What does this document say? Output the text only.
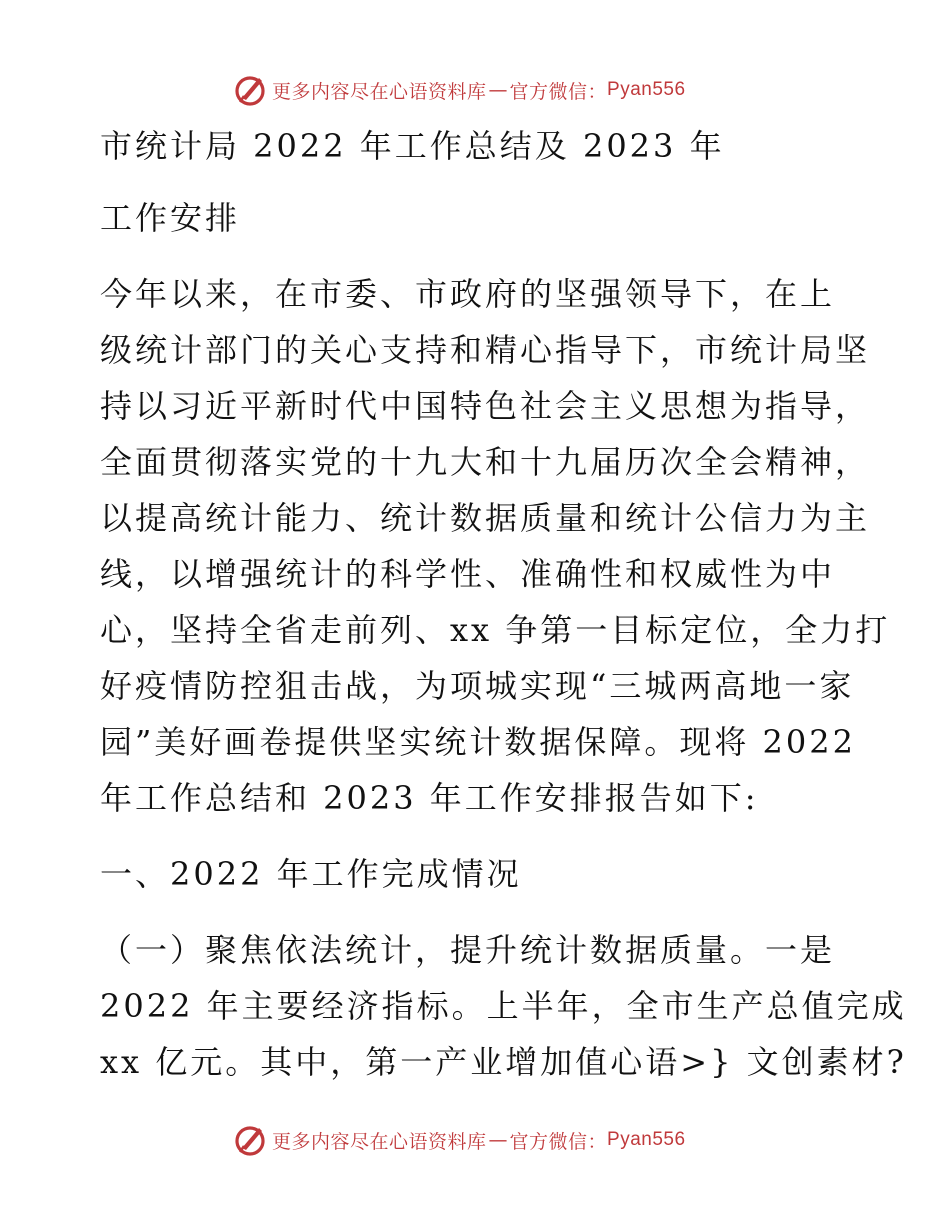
更多内容尽在心语资料库 — 官方微信： Pyan556
市统计局 2022 年工作总结及 2023 年
工作安排
今年以来，在市委、市政府的坚强领导下，在上
级统计部门的关心支持和精心指导下，市统计局坚
持以习近平新时代中国特色社会主义思想为指导，
全面贯彻落实党的十九大和十九届历次全会精神，
以提高统计能力、统计数据质量和统计公信力为主
线，以增强统计的科学性、准确性和权威性为中
心，坚持全省走前列、xx 争第一目标定位，全力打
好疫情防控狙击战，为项城实现“三城两高地一家
园”美好画卷提供坚实统计数据保障。现将 2022
年工作总结和 2023 年工作安排报告如下:
一、2022 年工作完成情况
（一）聚焦依法统计，提升统计数据质量。一是
2022 年主要经济指标。上半年，全市生产总值完成
xx 亿元。其中，第一产业增加值心语>} 文创素材?
更多内容尽在心语资料库 — 官方微信： Pyan556
